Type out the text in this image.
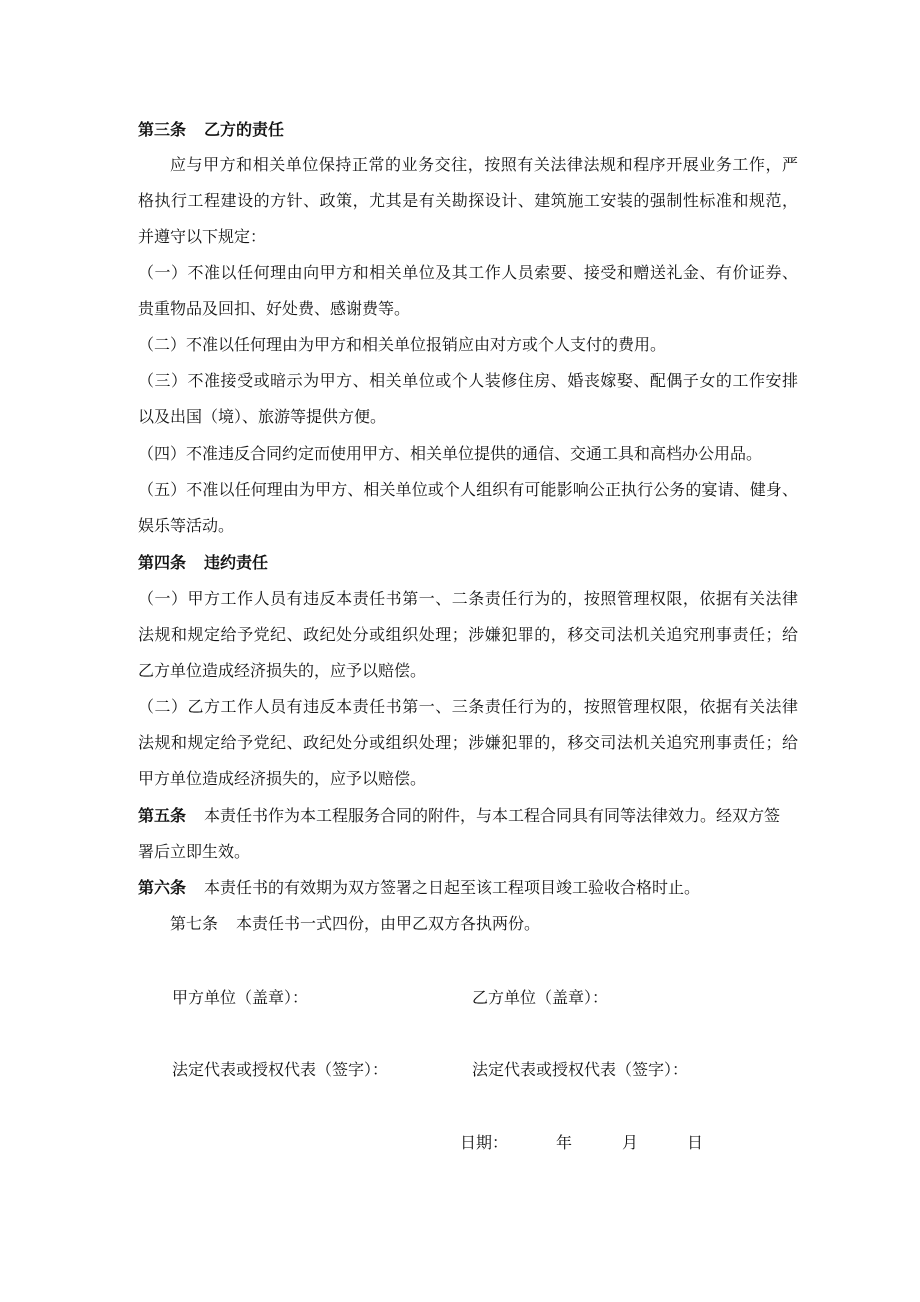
第三条 乙方的责任
应与甲方和相关单位保持正常的业务交往，按照有关法律法规和程序开展业务工作，严
格执行工程建设的方针、政策，尤其是有关勘探设计、建筑施工安装的强制性标准和规范，
并遵守以下规定：
（一）不准以任何理由向甲方和相关单位及其工作人员索要、接受和赠送礼金、有价证券、
贵重物品及回扣、好处费、感谢费等。
（二）不准以任何理由为甲方和相关单位报销应由对方或个人支付的费用。
（三）不准接受或暗示为甲方、相关单位或个人装修住房、婚丧嫁娶、配偶子女的工作安排
以及出国（境）、旅游等提供方便。
（四）不准违反合同约定而使用甲方、相关单位提供的通信、交通工具和高档办公用品。
（五）不准以任何理由为甲方、相关单位或个人组织有可能影响公正执行公务的宴请、健身、
娱乐等活动。
第四条 违约责任
（一）甲方工作人员有违反本责任书第一、二条责任行为的，按照管理权限，依据有关法律
法规和规定给予党纪、政纪处分或组织处理；涉嫌犯罪的，移交司法机关追究刑事责任；给
乙方单位造成经济损失的，应予以赔偿。
（二）乙方工作人员有违反本责任书第一、三条责任行为的，按照管理权限，依据有关法律
法规和规定给予党纪、政纪处分或组织处理；涉嫌犯罪的，移交司法机关追究刑事责任；给
甲方单位造成经济损失的，应予以赔偿。
第五条 本责任书作为本工程服务合同的附件，与本工程合同具有同等法律效力。经双方签
署后立即生效。
第六条 本责任书的有效期为双方签署之日起至该工程项目竣工验收合格时止。
第七条 本责任书一式四份，由甲乙双方各执两份。
甲方单位（盖章）：	乙方单位（盖章）：
法定代表或授权代表（签字）：	法定代表或授权代表（签字）：
日期：	年	月	日
